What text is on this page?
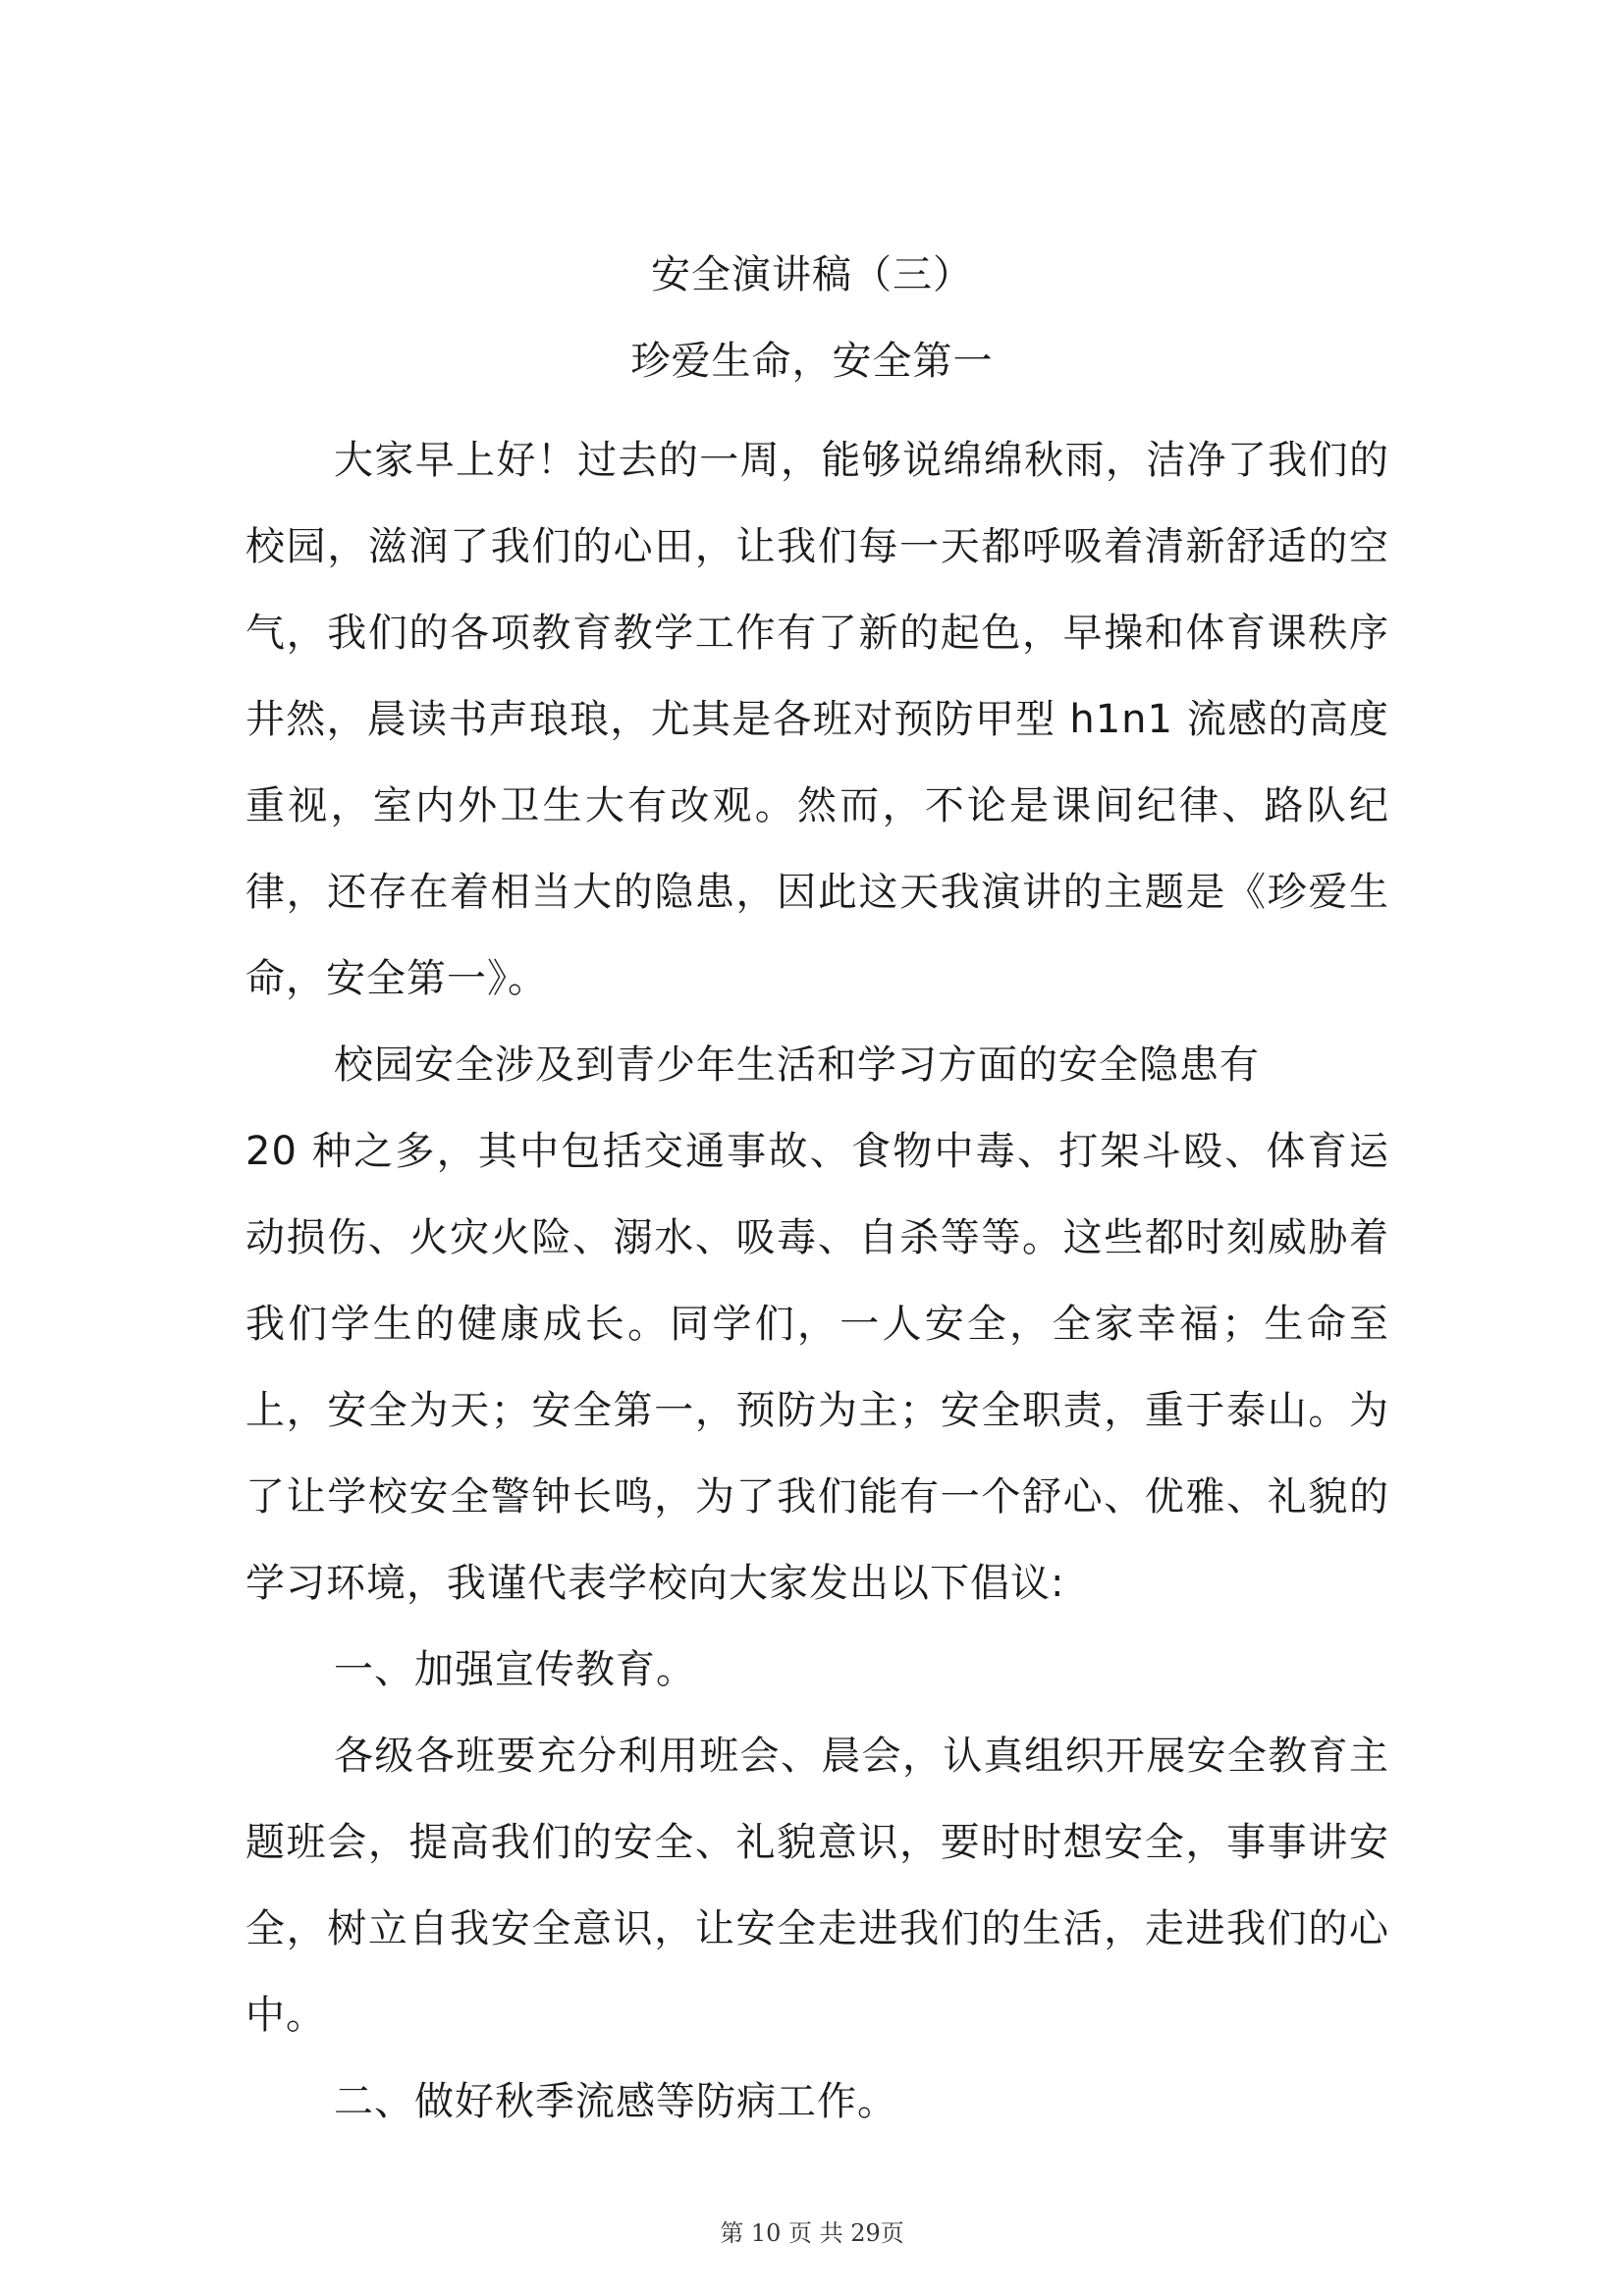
安全演讲稿（三）
珍爱生命，安全第一

大家早上好！过去的一周，能够说绵绵秋雨，洁净了我们的校园，滋润了我们的心田，让我们每一天都呼吸着清新舒适的空气，我们的各项教育教学工作有了新的起色，早操和体育课秩序井然，晨读书声琅琅，尤其是各班对预防甲型 h1n1 流感的高度重视，室内外卫生大有改观。然而，不论是课间纪律、路队纪律，还存在着相当大的隐患，因此这天我演讲的主题是《珍爱生命，安全第一》。

校园安全涉及到青少年生活和学习方面的安全隐患有
20 种之多，其中包括交通事故、食物中毒、打架斗殴、体育运动损伤、火灾火险、溺水、吸毒、自杀等等。这些都时刻威胁着我们学生的健康成长。同学们，一人安全，全家幸福；生命至上，安全为天；安全第一，预防为主；安全职责，重于泰山。为了让学校安全警钟长鸣，为了我们能有一个舒心、优雅、礼貌的学习环境，我谨代表学校向大家发出以下倡议:

一、加强宣传教育。

各级各班要充分利用班会、晨会，认真组织开展安全教育主题班会，提高我们的安全、礼貌意识，要时时想安全，事事讲安全，树立自我安全意识，让安全走进我们的生活，走进我们的心中。

二、做好秋季流感等防病工作。

第 10 页 共 29页
